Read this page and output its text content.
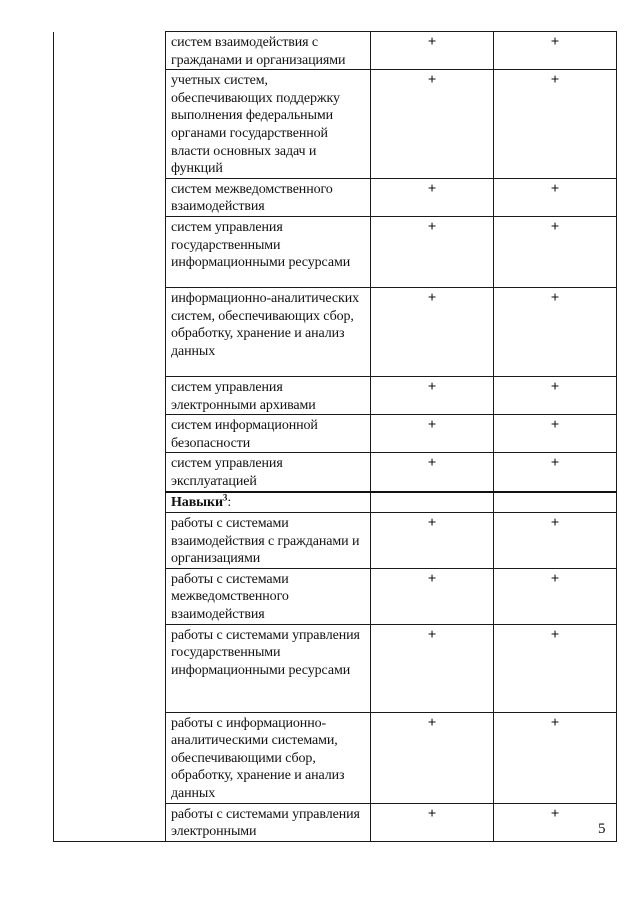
	систем взаимодействия с гражданами и организациями	+	+
	учетных систем, обеспечивающих поддержку выполнения федеральными органами государственной власти основных задач и функций	+	+
	систем межведомственного взаимодействия	+	+
	систем управления государственными информационными ресурсами	+	+
	информационно-аналитических систем, обеспечивающих сбор, обработку, хранение и анализ данных	+	+
	систем управления электронными архивами	+	+
	систем информационной безопасности	+	+
	систем управления эксплуатацией	+	+
	Навыки$^3$:		
	работы с системами взаимодействия с гражданами и организациями	+	+
	работы с системами межведомственного взаимодействия	+	+
	работы с системами управления государственными информационными ресурсами	+	+
	работы с информационно-аналитическими системами, обеспечивающими сбор, обработку, хранение и анализ данных	+	+
	работы с системами управления электронными	+	+
5
